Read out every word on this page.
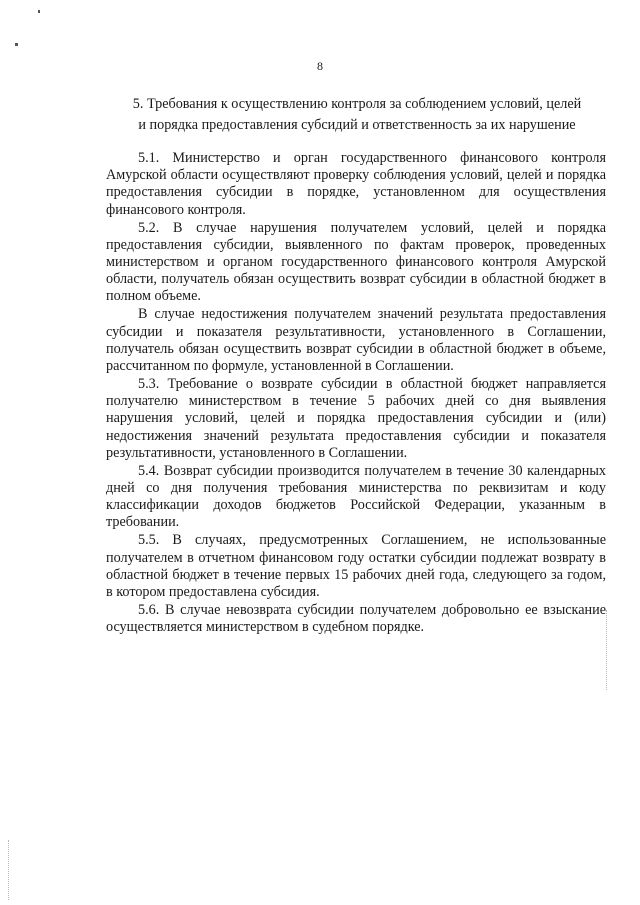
8
5. Требования к осуществлению контроля за соблюдением условий, целей
и порядка предоставления субсидий и ответственность за их нарушение

5.1. Министерство и орган государственного финансового контроля Амурской области осуществляют проверку соблюдения условий, целей и порядка предоставления субсидии в порядке, установленном для осуществления финансового контроля.

5.2. В случае нарушения получателем условий, целей и порядка предоставления субсидии, выявленного по фактам проверок, проведенных министерством и органом государственного финансового контроля Амурской области, получатель обязан осуществить возврат субсидии в областной бюджет в полном объеме.

В случае недостижения получателем значений результата предоставления субсидии и показателя результативности, установленного в Соглашении, получатель обязан осуществить возврат субсидии в областной бюджет в объеме, рассчитанном по формуле, установленной в Соглашении.

5.3. Требование о возврате субсидии в областной бюджет направляется получателю министерством в течение 5 рабочих дней со дня выявления нарушения условий, целей и порядка предоставления субсидии и (или) недостижения значений результата предоставления субсидии и показателя результативности, установленного в Соглашении.

5.4. Возврат субсидии производится получателем в течение 30 календарных дней со дня получения требования министерства по реквизитам и коду классификации доходов бюджетов Российской Федерации, указанным в требовании.

5.5. В случаях, предусмотренных Соглашением, не использованные получателем в отчетном финансовом году остатки субсидии подлежат возврату в областной бюджет в течение первых 15 рабочих дней года, следующего за годом, в котором предоставлена субсидия.

5.6. В случае невозврата субсидии получателем добровольно ее взыскание осуществляется министерством в судебном порядке.
